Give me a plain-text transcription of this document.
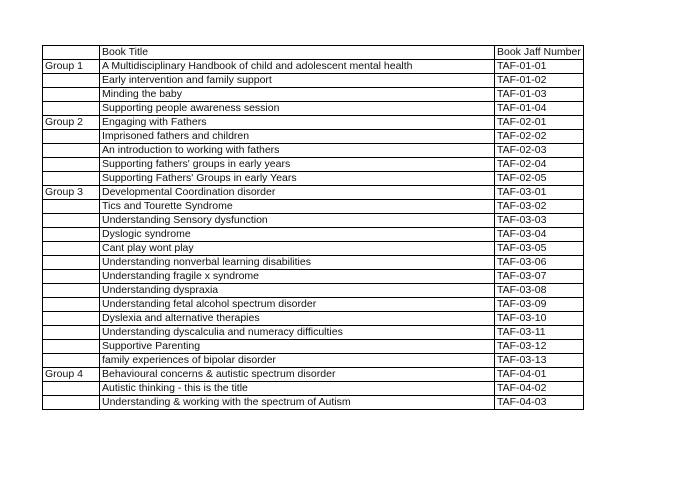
	Book Title	Book Jaff Number
Group 1	A Multidisciplinary Handbook of child and adolescent mental health	TAF-01-01
	Early intervention and family support	TAF-01-02
	Minding the baby	TAF-01-03
	Supporting people awareness session	TAF-01-04
Group 2	Engaging with Fathers	TAF-02-01
	Imprisoned fathers and children	TAF-02-02
	An introduction to working with fathers	TAF-02-03
	Supporting fathers' groups in early years	TAF-02-04
	Supporting Fathers' Groups in early Years	TAF-02-05
Group 3	Developmental Coordination disorder	TAF-03-01
	Tics and Tourette Syndrome	TAF-03-02
	Understanding Sensory dysfunction	TAF-03-03
	Dyslogic syndrome	TAF-03-04
	Cant play wont play	TAF-03-05
	Understanding nonverbal learning disabilities	TAF-03-06
	Understanding fragile x syndrome	TAF-03-07
	Understanding dyspraxia	TAF-03-08
	Understanding fetal alcohol spectrum disorder	TAF-03-09
	Dyslexia and alternative therapies	TAF-03-10
	Understanding dyscalculia and numeracy difficulties	TAF-03-11
	Supportive Parenting	TAF-03-12
	family experiences of bipolar disorder	TAF-03-13
Group 4	Behavioural concerns & autistic spectrum disorder	TAF-04-01
	Autistic thinking - this is the title	TAF-04-02
	Understanding & working with the spectrum of Autism	TAF-04-03
